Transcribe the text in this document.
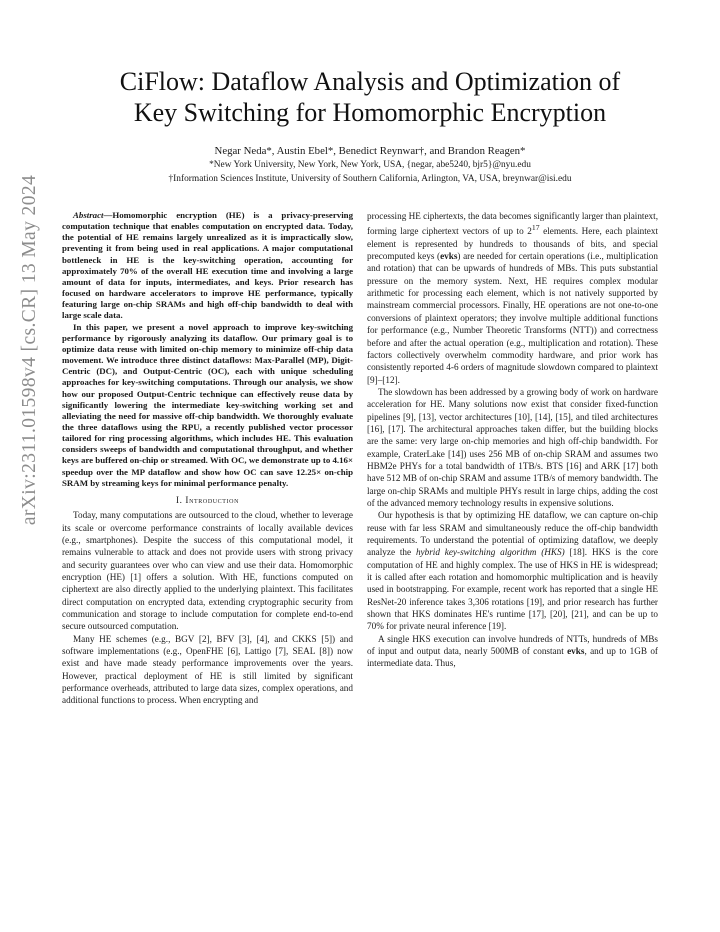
arXiv:2311.01598v4 [cs.CR] 13 May 2024
CiFlow: Dataflow Analysis and Optimization of
Key Switching for Homomorphic Encryption
Negar Neda*, Austin Ebel*, Benedict Reynwar†, and Brandon Reagen*
*New York University, New York, New York, USA, {negar, abe5240, bjr5}@nyu.edu
†Information Sciences Institute, University of Southern California, Arlington, VA, USA, breynwar@isi.edu

Abstract—Homomorphic encryption (HE) is a privacy-preserving computation technique that enables computation on encrypted data. Today, the potential of HE remains largely unrealized as it is impractically slow, preventing it from being used in real applications. A major computational bottleneck in HE is the key-switching operation, accounting for approximately 70% of the overall HE execution time and involving a large amount of data for inputs, intermediates, and keys. Prior research has focused on hardware accelerators to improve HE performance, typically featuring large on-chip SRAMs and high off-chip bandwidth to deal with large scale data.

In this paper, we present a novel approach to improve key-switching performance by rigorously analyzing its dataflow. Our primary goal is to optimize data reuse with limited on-chip memory to minimize off-chip data movement. We introduce three distinct dataflows: Max-Parallel (MP), Digit-Centric (DC), and Output-Centric (OC), each with unique scheduling approaches for key-switching computations. Through our analysis, we show how our proposed Output-Centric technique can effectively reuse data by significantly lowering the intermediate key-switching working set and alleviating the need for massive off-chip bandwidth. We thoroughly evaluate the three dataflows using the RPU, a recently published vector processor tailored for ring processing algorithms, which includes HE. This evaluation considers sweeps of bandwidth and computational throughput, and whether keys are buffered on-chip or streamed. With OC, we demonstrate up to 4.16× speedup over the MP dataflow and show how OC can save 12.25× on-chip SRAM by streaming keys for minimal performance penalty.

I. Introduction

Today, many computations are outsourced to the cloud, whether to leverage its scale or overcome performance constraints of locally available devices (e.g., smartphones). Despite the success of this computational model, it remains vulnerable to attack and does not provide users with strong privacy and security guarantees over who can view and use their data. Homomorphic encryption (HE) [1] offers a solution. With HE, functions computed on ciphertext are also directly applied to the underlying plaintext. This facilitates direct computation on encrypted data, extending cryptographic security from communication and storage to include computation for complete end-to-end secure outsourced computation.

Many HE schemes (e.g., BGV [2], BFV [3], [4], and CKKS [5]) and software implementations (e.g., OpenFHE [6], Lattigo [7], SEAL [8]) now exist and have made steady performance improvements over the years. However, practical deployment of HE is still limited by significant performance overheads, attributed to large data sizes, complex operations, and additional functions to process. When encrypting and

processing HE ciphertexts, the data becomes significantly larger than plaintext, forming large ciphertext vectors of up to $2^{17}$ elements. Here, each plaintext element is represented by hundreds to thousands of bits, and special precomputed keys (evks) are needed for certain operations (i.e., multiplication and rotation) that can be upwards of hundreds of MBs. This puts substantial pressure on the memory system. Next, HE requires complex modular arithmetic for processing each element, which is not natively supported by mainstream commercial processors. Finally, HE operations are not one-to-one conversions of plaintext operators; they involve multiple additional functions for performance (e.g., Number Theoretic Transforms (NTT)) and correctness before and after the actual operation (e.g., multiplication and rotation). These factors collectively overwhelm commodity hardware, and prior work has consistently reported 4-6 orders of magnitude slowdown compared to plaintext [9]–[12].

The slowdown has been addressed by a growing body of work on hardware acceleration for HE. Many solutions now exist that consider fixed-function pipelines [9], [13], vector architectures [10], [14], [15], and tiled architectures [16], [17]. The architectural approaches taken differ, but the building blocks are the same: very large on-chip memories and high off-chip bandwidth. For example, CraterLake [14]) uses 256 MB of on-chip SRAM and assumes two HBM2e PHYs for a total bandwidth of 1TB/s. BTS [16] and ARK [17] both have 512 MB of on-chip SRAM and assume 1TB/s of memory bandwidth. The large on-chip SRAMs and multiple PHYs result in large chips, adding the cost of the advanced memory technology results in expensive solutions.

Our hypothesis is that by optimizing HE dataflow, we can capture on-chip reuse with far less SRAM and simultaneously reduce the off-chip bandwidth requirements. To understand the potential of optimizing dataflow, we deeply analyze the hybrid key-switching algorithm (HKS) [18]. HKS is the core computation of HE and highly complex. The use of HKS in HE is widespread; it is called after each rotation and homomorphic multiplication and is heavily used in bootstrapping. For example, recent work has reported that a single HE ResNet-20 inference takes 3,306 rotations [19], and prior research has further shown that HKS dominates HE's runtime [17], [20], [21], and can be up to 70% for private neural inference [19].

A single HKS execution can involve hundreds of NTTs, hundreds of MBs of input and output data, nearly 500MB of constant evks, and up to 1GB of intermediate data. Thus,
